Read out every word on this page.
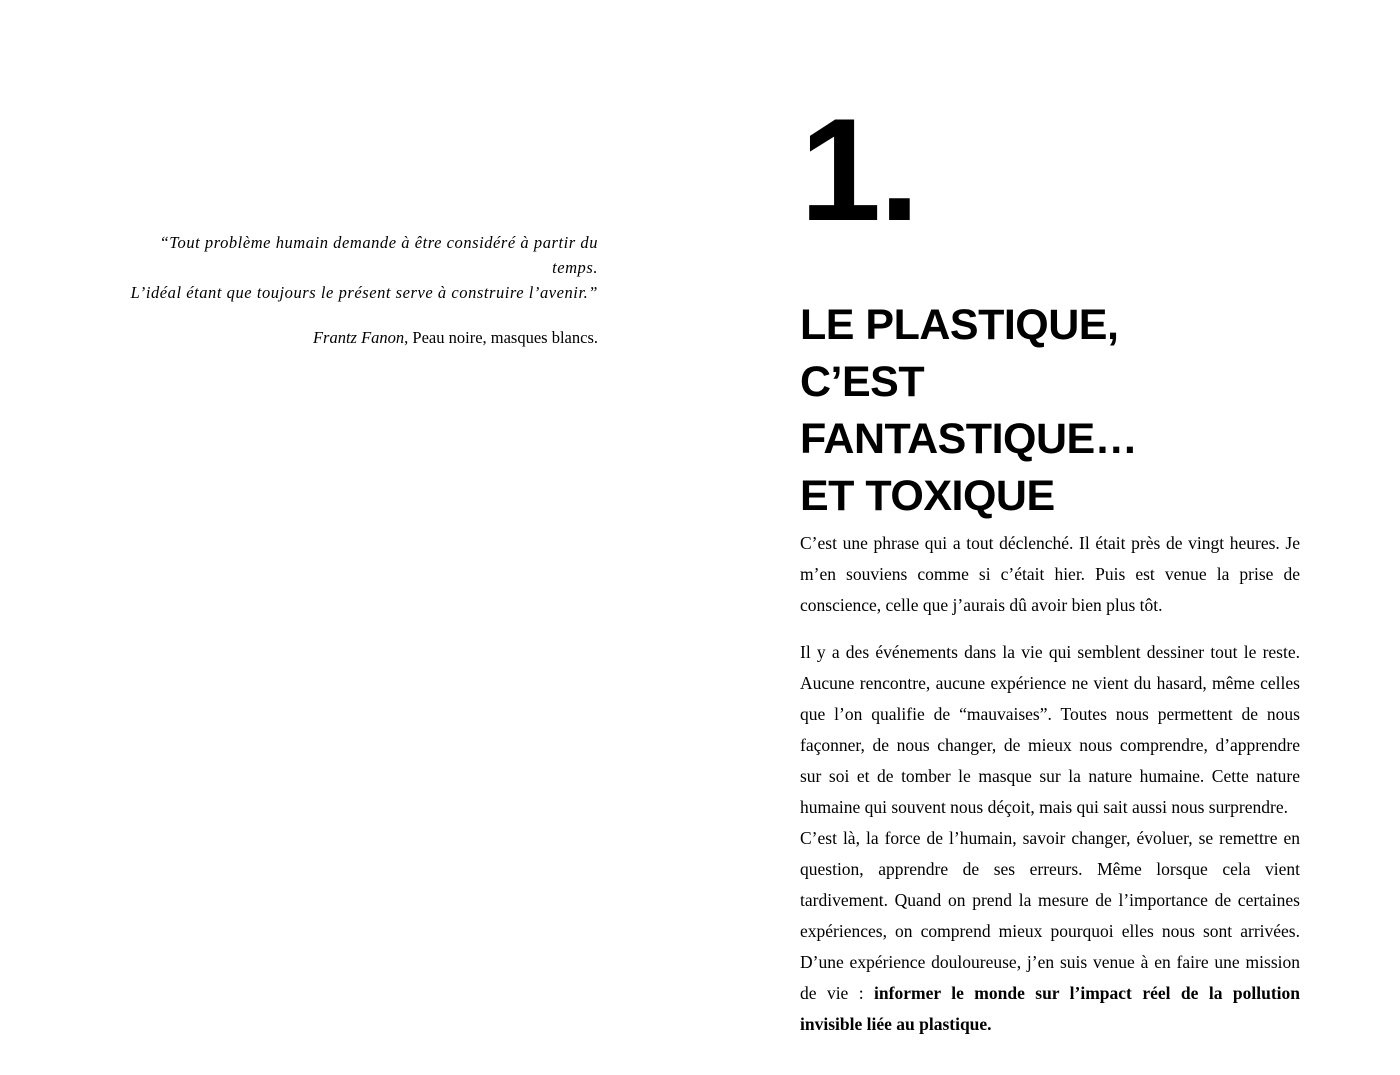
“Tout problème humain demande à être considéré à partir du temps.
L’idéal étant que toujours le présent serve à construire l’avenir.”
Frantz Fanon, Peau noire, masques blancs.
1.
LE PLASTIQUE,
C’EST
FANTASTIQUE…
ET TOXIQUE

C’est une phrase qui a tout déclenché. Il était près de vingt heures. Je m’en souviens comme si c’était hier. Puis est venue la prise de conscience, celle que j’aurais dû avoir bien plus tôt.

Il y a des événements dans la vie qui semblent dessiner tout le reste. Aucune rencontre, aucune expérience ne vient du hasard, même celles que l’on qualifie de “mauvaises”. Toutes nous permettent de nous façonner, de nous changer, de mieux nous comprendre, d’apprendre sur soi et de tomber le masque sur la nature humaine. Cette nature humaine qui souvent nous déçoit, mais qui sait aussi nous surprendre.

C’est là, la force de l’humain, savoir changer, évoluer, se remettre en question, apprendre de ses erreurs. Même lorsque cela vient tardivement. Quand on prend la mesure de l’importance de certaines expériences, on comprend mieux pourquoi elles nous sont arrivées. D’une expérience douloureuse, j’en suis venue à en faire une mission de vie : informer le monde sur l’impact réel de la pollution invisible liée au plastique.
